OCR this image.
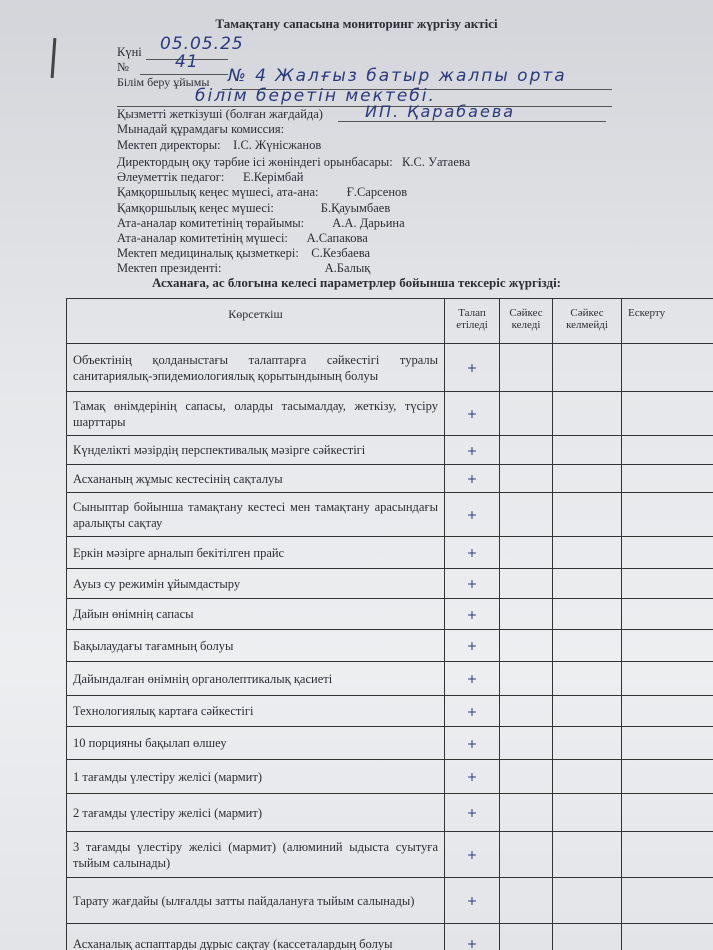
Тамақтану сапасына мониторинг жүргізу актісі
Күні 05.05.25
№	41
Білім беру ұйымы № 4 Жалғыз батыр жалпы орта
білім беретін мектебі.
Қызметті жеткізуші (болған жағдайда)	ИП. Қарабаева
Мынадай құрамдағы комиссия:
Мектеп директоры: І.С. Жүнісжанов
Директордың оқу тәрбие ісі жөніндегі орынбасары: К.С. Уатаева
Әлеуметтік педагог: Е.Керімбай
Қамқоршылық кеңес мүшесі, ата-ана: Ғ.Сарсенов
Қамқоршылық кеңес мүшесі:	Б.Қауымбаев
Ата-аналар комитетінің төрайымы: А.А. Дарьина
Ата-аналар комитетінің мүшесі: А.Сапакова
Мектеп медициналық қызметкері: С.Кезбаева
Мектеп президенті:	А.Балық
Асханаға, ас блогына келесі параметрлер бойынша тексеріс жүргізді:
Көрсеткіш	Талап етіледі	Сәйкес келеді	Сәйкес келмейді	Ескерту
Объектінің қолданыстағы талаптарға сәйкестігі туралы санитариялық-эпидемиологиялық қорытындының болуы	+			
Тамақ өнімдерінің сапасы, оларды тасымалдау, жеткізу, түсіру шарттары	+			
Күнделікті мәзірдің перспективалық мәзірге сәйкестігі	+			
Асхананың жұмыс кестесінің сақталуы	+			
Сыныптар бойынша тамақтану кестесі мен тамақтану арасындағы аралықты сақтау	+			
Еркін мәзірге арналып бекітілген прайс	+			
Ауыз су режимін ұйымдастыру	+			
Дайын өнімнің сапасы	+			
Бақылаудағы тағамның болуы	+			
Дайындалған өнімнің органолептикалық қасиеті	+			
Технологиялық картаға сәйкестігі	+			
10 порцияны бақылап өлшеу	+			
1 тағамды үлестіру желісі (мармит)	+			
2 тағамды үлестіру желісі (мармит)	+			
3 тағамды үлестіру желісі (мармит) (алюминий ыдыста суытуға тыйым салынады)	+			
Тарату жағдайы (ылғалды затты пайдалануға тыйым салынады)	+			
Асханалық аспаптарды дұрыс сақтау (кассеталардың болуы	+			
